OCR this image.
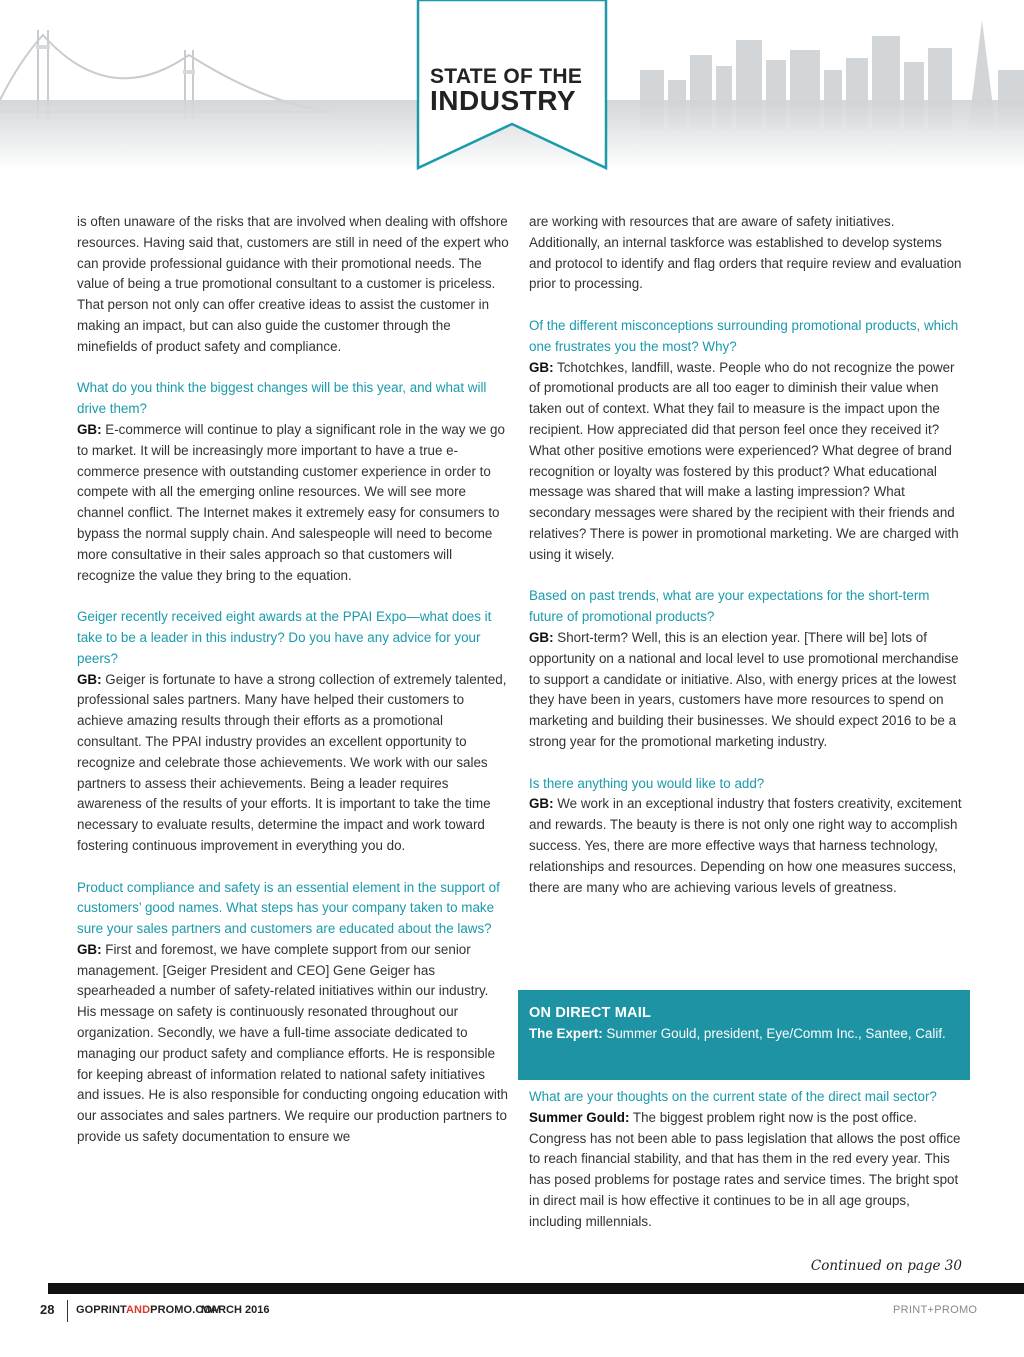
STATE OF THE
INDUSTRY

is often unaware of the risks that are involved when dealing with offshore resources. Having said that, customers are still in need of the expert who can provide professional guidance with their promotional needs. The value of being a true promotional consultant to a customer is priceless. That person not only can offer creative ideas to assist the customer in making an impact, but can also guide the customer through the minefields of product safety and compliance.

What do you think the biggest changes will be this year, and what will drive them?
GB: E-commerce will continue to play a significant role in the way we go to market. It will be increasingly more important to have a true e-commerce presence with outstanding customer experience in order to compete with all the emerging online resources. We will see more channel conflict. The Internet makes it extremely easy for consumers to bypass the normal supply chain. And salespeople will need to become more consultative in their sales approach so that customers will recognize the value they bring to the equation.

Geiger recently received eight awards at the PPAI Expo—what does it take to be a leader in this industry? Do you have any advice for your peers?
GB: Geiger is fortunate to have a strong collection of extremely talented, professional sales partners. Many have helped their customers to achieve amazing results through their efforts as a promotional consultant. The PPAI industry provides an excellent opportunity to recognize and celebrate those achievements. We work with our sales partners to assess their achievements. Being a leader requires awareness of the results of your efforts. It is important to take the time necessary to evaluate results, determine the impact and work toward fostering continuous improvement in everything you do.

Product compliance and safety is an essential element in the support of customers’ good names. What steps has your company taken to make sure your sales partners and customers are educated about the laws?
GB: First and foremost, we have complete support from our senior management. [Geiger President and CEO] Gene Geiger has spearheaded a number of safety-related initiatives within our industry. His message on safety is continuously resonated throughout our organization. Secondly, we have a full-time associate dedicated to managing our product safety and compliance efforts. He is responsible for keeping abreast of information related to national safety initiatives and issues. He is also responsible for conducting ongoing education with our associates and sales partners. We require our production partners to provide us safety documentation to ensure we

are working with resources that are aware of safety initiatives. Additionally, an internal taskforce was established to develop systems and protocol to identify and flag orders that require review and evaluation prior to processing.

Of the different misconceptions surrounding promotional products, which one frustrates you the most? Why?
GB: Tchotchkes, landfill, waste. People who do not recognize the power of promotional products are all too eager to diminish their value when taken out of context. What they fail to measure is the impact upon the recipient. How appreciated did that person feel once they received it? What other positive emotions were experienced? What degree of brand recognition or loyalty was fostered by this product? What educational message was shared that will make a lasting impression? What secondary messages were shared by the recipient with their friends and relatives? There is power in promotional marketing. We are charged with using it wisely.

Based on past trends, what are your expectations for the short-term future of promotional products?
GB: Short-term? Well, this is an election year. [There will be] lots of opportunity on a national and local level to use promotional merchandise to support a candidate or initiative. Also, with energy prices at the lowest they have been in years, customers have more resources to spend on marketing and building their businesses. We should expect 2016 to be a strong year for the promotional marketing industry.

Is there anything you would like to add?
GB: We work in an exceptional industry that fosters creativity, excitement and rewards. The beauty is there is not only one right way to accomplish success. Yes, there are more effective ways that harness technology, relationships and resources. Depending on how one measures success, there are many who are achieving various levels of greatness.

ON DIRECT MAIL
The Expert: Summer Gould, president, Eye/Comm Inc., Santee, Calif.

What are your thoughts on the current state of the direct mail sector?
Summer Gould: The biggest problem right now is the post office. Congress has not been able to pass legislation that allows the post office to reach financial stability, and that has them in the red every year. This has posed problems for postage rates and service times. The bright spot in direct mail is how effective it continues to be in all age groups, including millennials.

Continued on page 30
28 GOPRINTANDPROMO.COM
MARCH 2016	PRINT+PROMO
